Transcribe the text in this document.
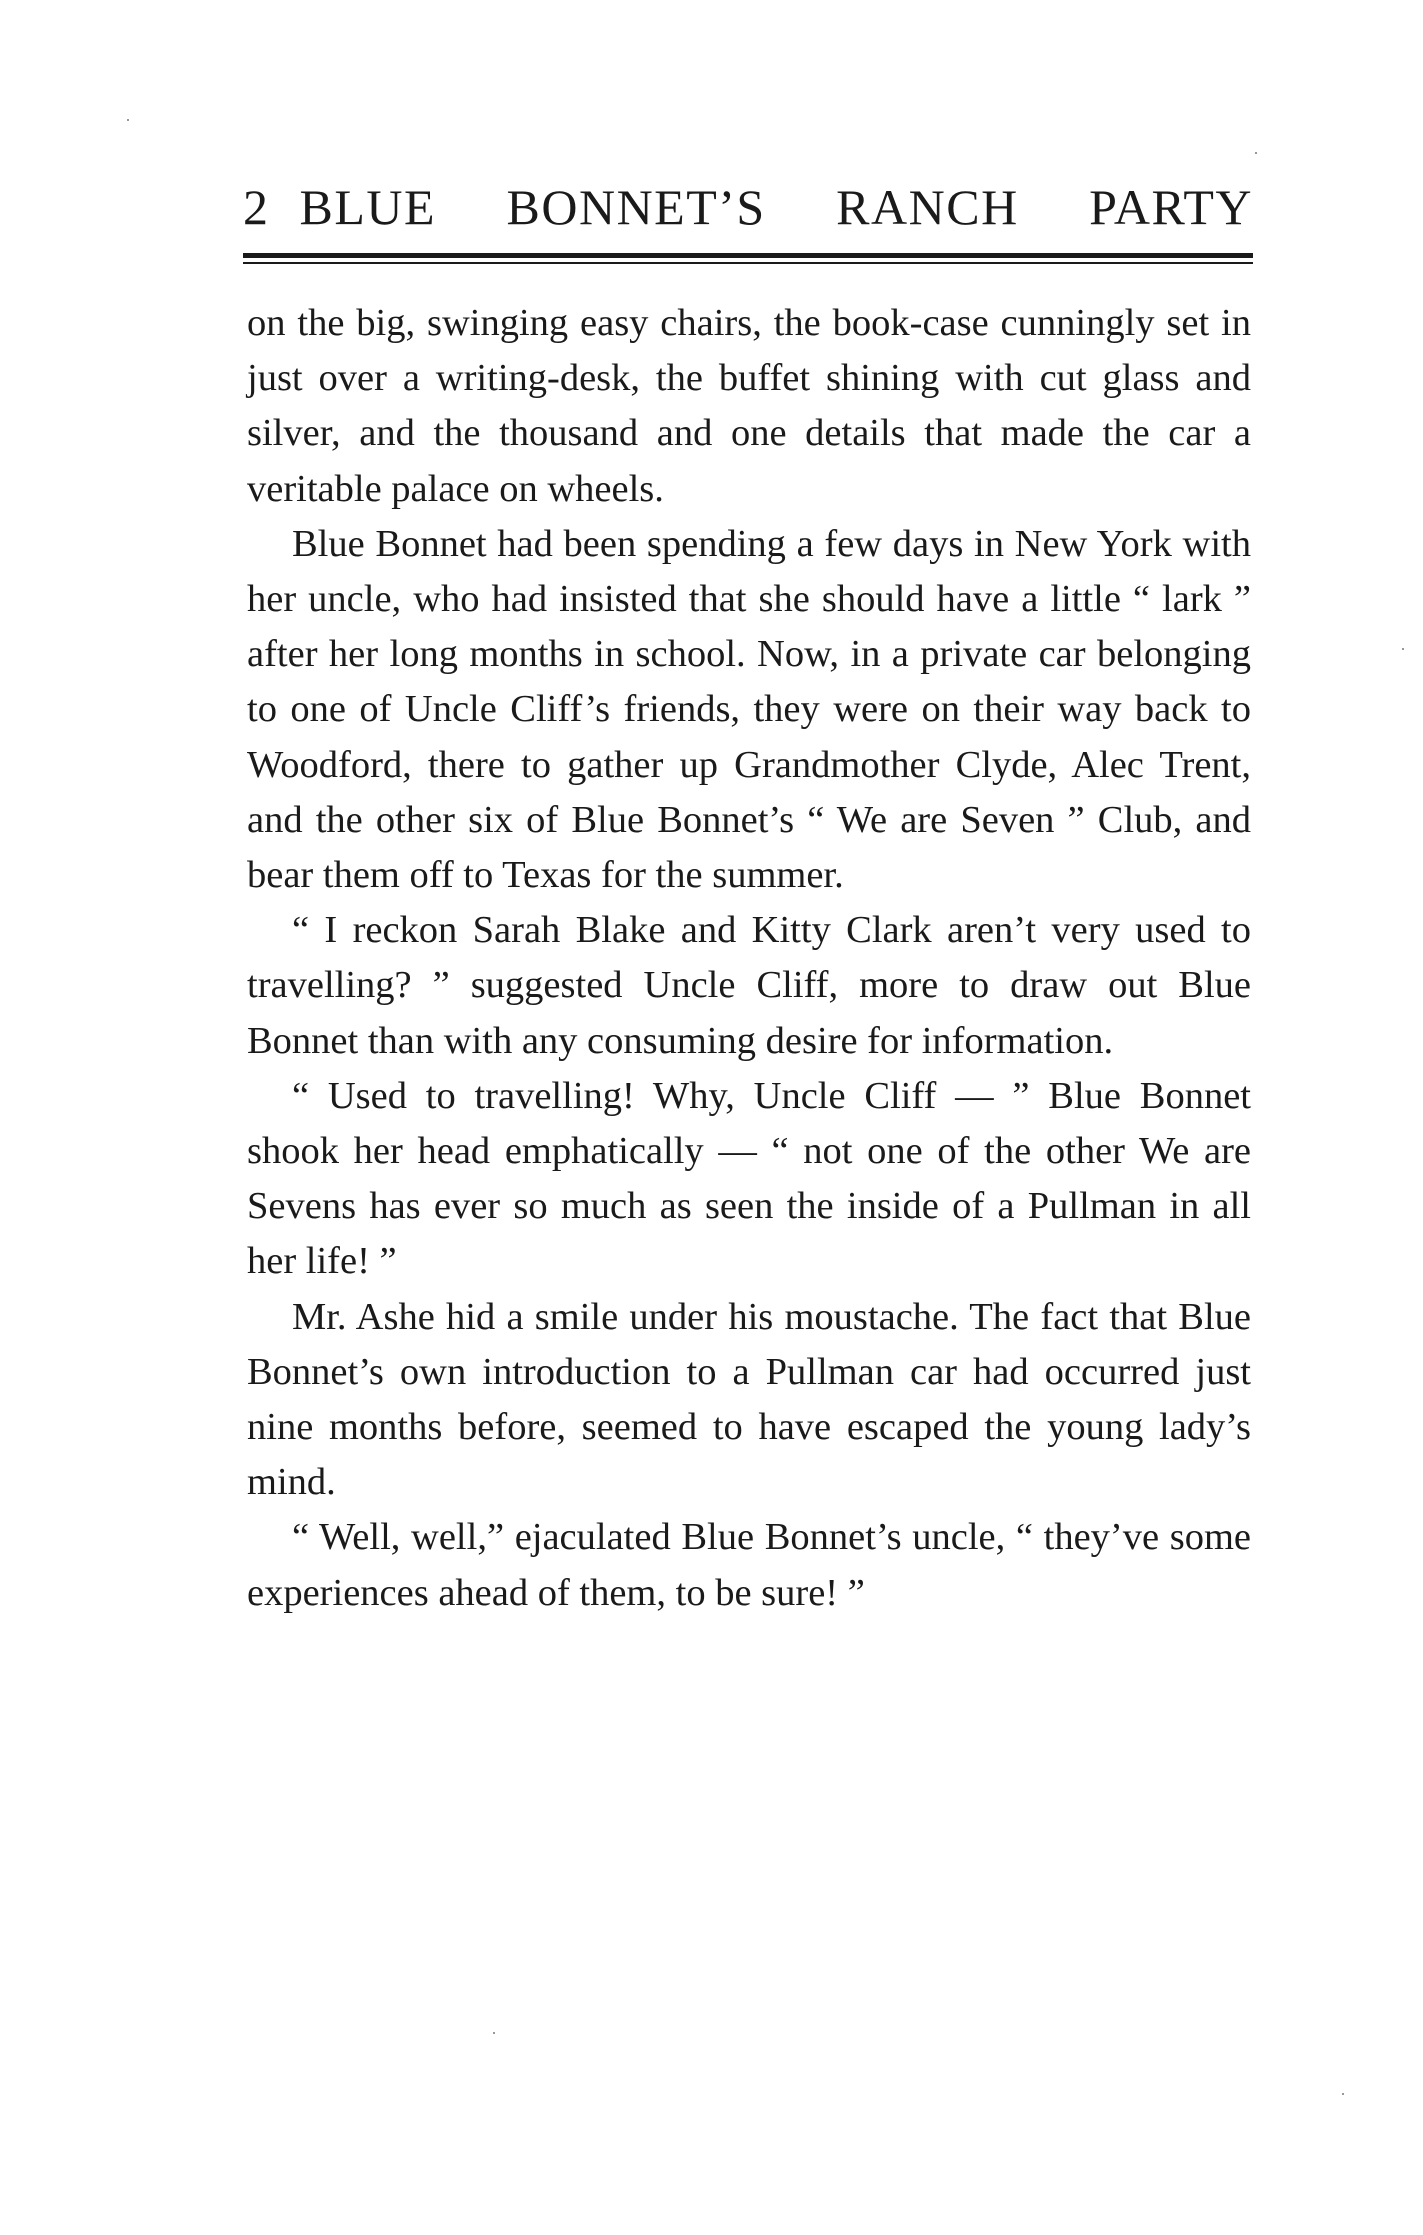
2 BLUE BONNET’S RANCH PARTY

on the big, swinging easy chairs, the book-case cunningly set in just over a writing-desk, the buffet shining with cut glass and silver, and the thousand and one details that made the car a veritable palace on wheels.

Blue Bonnet had been spending a few days in New York with her uncle, who had insisted that she should have a little “ lark ” after her long months in school. Now, in a private car belonging to one of Uncle Cliff’s friends, they were on their way back to Woodford, there to gather up Grandmother Clyde, Alec Trent, and the other six of Blue Bonnet’s “ We are Seven ” Club, and bear them off to Texas for the summer.

“ I reckon Sarah Blake and Kitty Clark aren’t very used to travelling? ” suggested Uncle Cliff, more to draw out Blue Bonnet than with any consuming desire for information.

“ Used to travelling! Why, Uncle Cliff — ” Blue Bonnet shook her head emphatically — “ not one of the other We are Sevens has ever so much as seen the inside of a Pullman in all her life! ”

Mr. Ashe hid a smile under his moustache. The fact that Blue Bonnet’s own introduction to a Pullman car had occurred just nine months before, seemed to have escaped the young lady’s mind.

“ Well, well,” ejaculated Blue Bonnet’s uncle, “ they’ve some experiences ahead of them, to be sure! ”
